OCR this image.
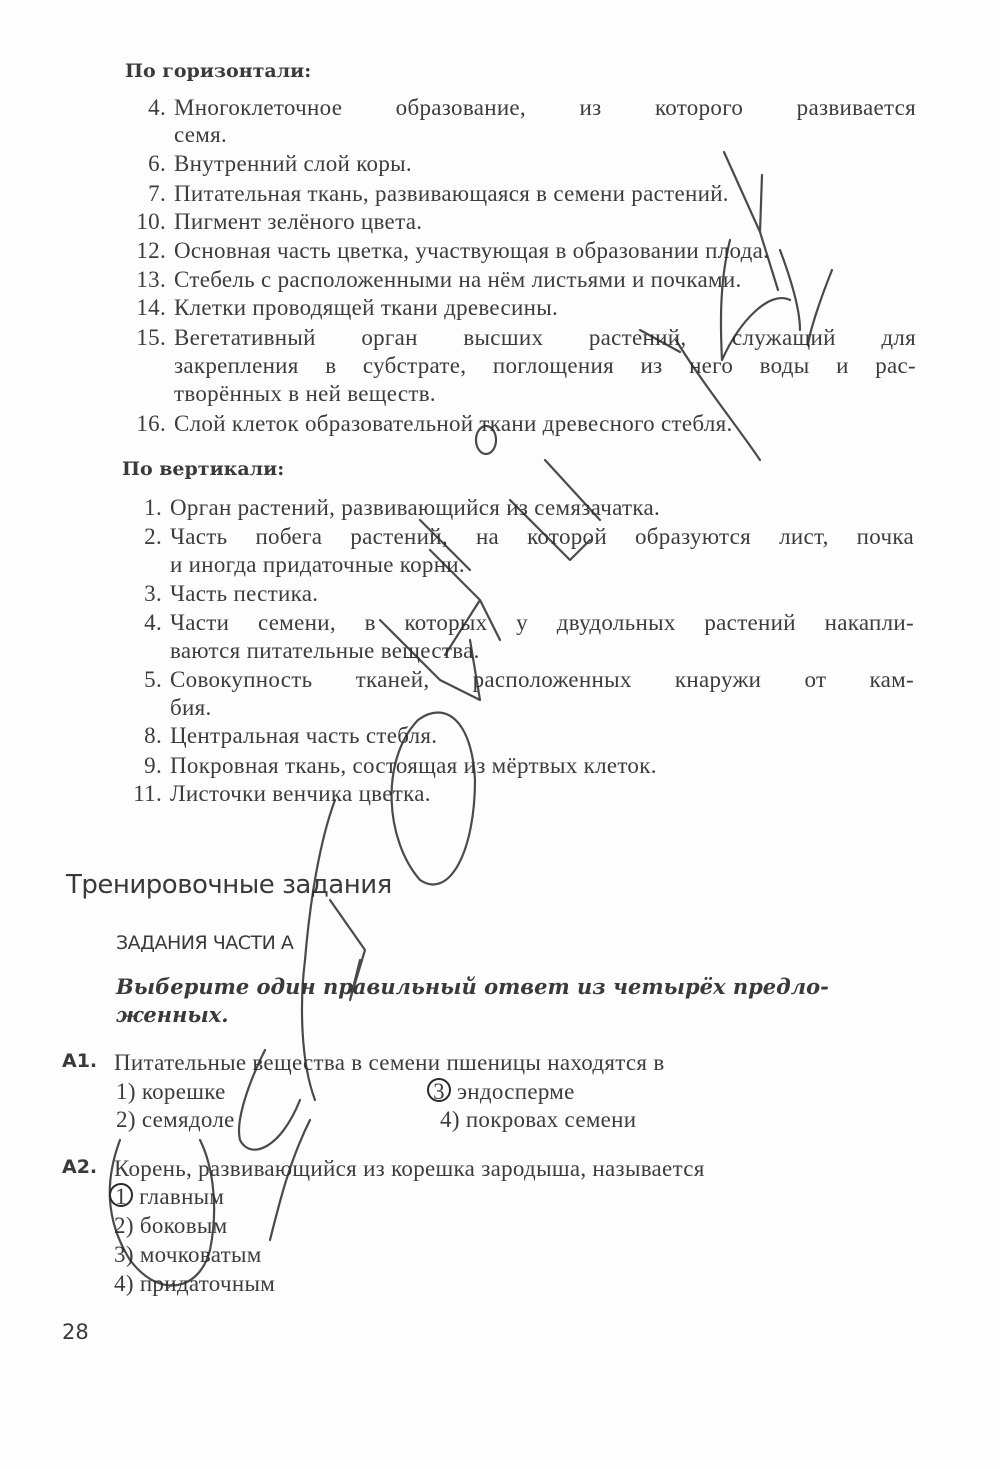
По горизонтали:
4. Многоклеточное образование, из которого развивается
семя.
6. Внутренний слой коры.
7. Питательная ткань, развивающаяся в семени растений.
10. Пигмент зелёного цвета.
12. Основная часть цветка, участвующая в образовании плода.
13. Стебель с расположенными на нём листьями и почками.
14. Клетки проводящей ткани древесины.
15. Вегетативный орган высших растений, служащий для
закрепления в субстрате, поглощения из него воды и рас-
творённых в ней веществ.
16. Слой клеток образовательной ткани древесного стебля.
По вертикали:
1. Орган растений, развивающийся из семязачатка.
2. Часть побега растений, на которой образуются лист, почка
и иногда придаточные корни.
3. Часть пестика.
4. Части семени, в которых у двудольных растений накапли-
ваются питательные вещества.
5. Совокупность тканей, расположенных кнаружи от кам-
бия.
8. Центральная часть стебля.
9. Покровная ткань, состоящая из мёртвых клеток.
11. Листочки венчика цветка.
Тренировочные задания
ЗАДАНИЯ ЧАСТИ А
Выберите один правильный ответ из четырёх предло-
женных.
А1. Питательные вещества в семени пшеницы находятся в
1) корешке
2) семядоле
3 эндосперме
4) покровах семени
А2. Корень, развивающийся из корешка зародыша, называется
1 главным
2) боковым
3) мочковатым
4) придаточным
28
